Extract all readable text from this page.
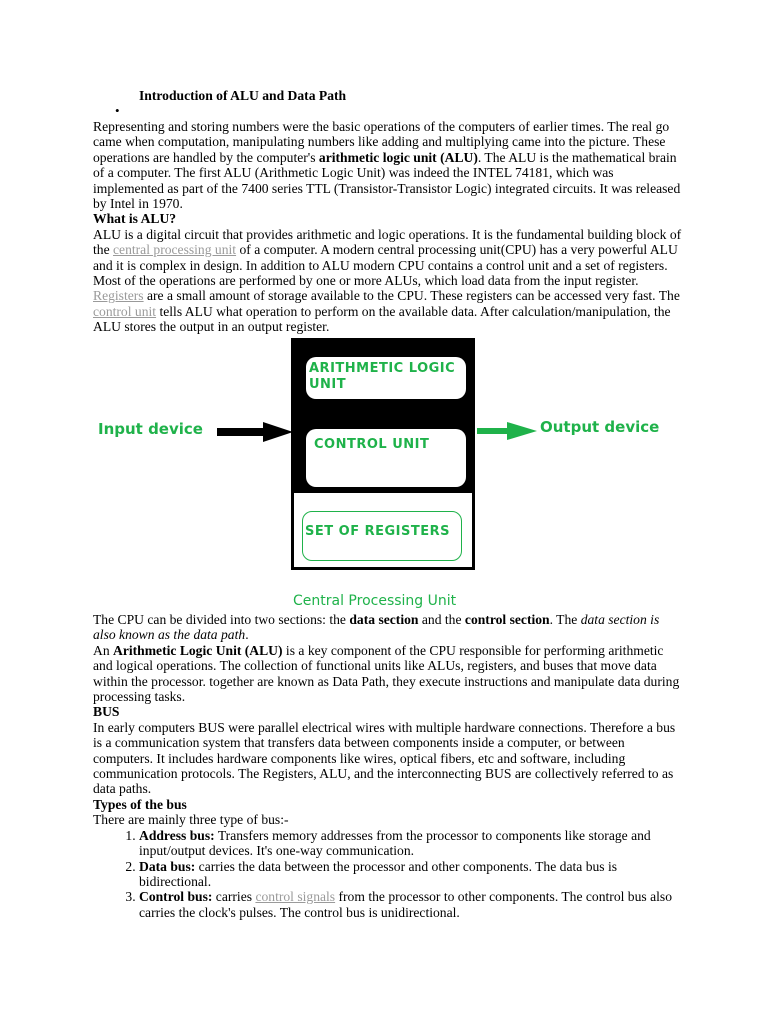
Introduction of ALU and Data Path
•

Representing and storing numbers were the basic operations of the computers of earlier times. The real go came when computation, manipulating numbers like adding and multiplying came into the picture. These operations are handled by the computer's arithmetic logic unit (ALU). The ALU is the mathematical brain of a computer. The first ALU (Arithmetic Logic Unit) was indeed the INTEL 74181, which was implemented as part of the 7400 series TTL (Transistor-Transistor Logic) integrated circuits. It was released by Intel in 1970.

What is ALU?

ALU is a digital circuit that provides arithmetic and logic operations. It is the fundamental building block of the central processing unit of a computer. A modern central processing unit(CPU) has a very powerful ALU and it is complex in design. In addition to ALU modern CPU contains a control unit and a set of registers. Most of the operations are performed by one or more ALUs, which load data from the input register. Registers are a small amount of storage available to the CPU. These registers can be accessed very fast. The control unit tells ALU what operation to perform on the available data. After calculation/manipulation, the ALU stores the output in an output register.

Input device
ARITHMETIC LOGIC UNIT
CONTROL UNIT
SET OF REGISTERS
Output device
Central Processing Unit

The CPU can be divided into two sections: the data section and the control section. The data section is also known as the data path.

An Arithmetic Logic Unit (ALU) is a key component of the CPU responsible for performing arithmetic and logical operations. The collection of functional units like ALUs, registers, and buses that move data within the processor. together are known as Data Path, they execute instructions and manipulate data during processing tasks.

BUS

In early computers BUS were parallel electrical wires with multiple hardware connections. Therefore a bus is a communication system that transfers data between components inside a computer, or between computers. It includes hardware components like wires, optical fibers, etc and software, including communication protocols. The Registers, ALU, and the interconnecting BUS are collectively referred to as data paths.

Types of the bus

There are mainly three type of bus:-

1. Address bus: Transfers memory addresses from the processor to components like storage and input/output devices. It's one-way communication.
2. Data bus: carries the data between the processor and other components. The data bus is bidirectional.
3. Control bus: carries control signals from the processor to other components. The control bus also carries the clock's pulses. The control bus is unidirectional.
